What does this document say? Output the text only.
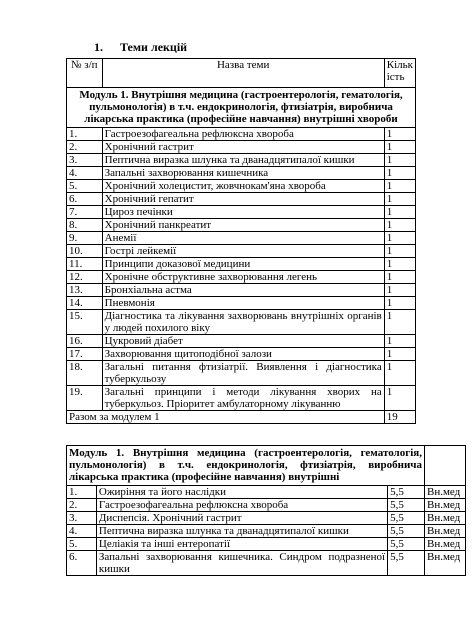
1. Теми лекцій
№ з/п	Назва теми	Кільк ість
Модуль 1. Внутрішня медицина (гастроентерологія, гематологія, пульмонологія) в т.ч. ендокринологія, фтизіатрія, виробнича лікарська практика (професійне навчання) внутрішні хвороби		
1.	Гастроезофагеальна рефлюксна хвороба	1
2.	Хронічний гастрит	1
3.	Пептична виразка шлунка та дванадцятипалої кишки	1
4.	Запальні захворювання кишечника	1
5.	Хронічний холецистит, жовчнокам'яна хвороба	1
6.	Хронічний гепатит	1
7.	Цироз печінки	1
8.	Хронічний панкреатит	1
9.	Анемії	1
10.	Гострі лейкемії	1
11.	Принципи доказової медицини	1
12.	Хронічне обструктивне захворювання легень	1
13.	Бронхіальна астма	1
14.	Пневмонія	1
15.	Діагностика та лікування захворювань внутрішніх органів у людей похилого віку	1
16.	Цукровий діабет	1
17.	Захворювання щитоподібної залози	1
18.	Загальні питання фтизіатрії. Виявлення і діагностика туберкульозу	1
19.	Загальні принципи і методи лікування хворих на туберкульоз. Пріоритет амбулаторному лікуванню	1
Разом за модулем 1		19
Модуль 1. Внутрішня медицина (гастроентерологія, гематологія, пульмонологія) в т.ч. ендокринологія, фтизіатрія, виробнича лікарська практика (професійне навчання) внутрішні			
1.	Ожиріння та його наслідки	5,5	Вн.мед
2.	Гастроезофагеальна рефлюксна хвороба	5,5	Вн.мед
3.	Диспепсія. Хронічний гастрит	5,5	Вн.мед
4.	Пептична виразка шлунка та дванадцятипалої кишки	5,5	Вн.мед
5.	Целіакія та інші ентеропатії	5,5	Вн.мед
6.	Запальні захворювання кишечника. Синдром подразненої кишки	5,5	Вн.мед
